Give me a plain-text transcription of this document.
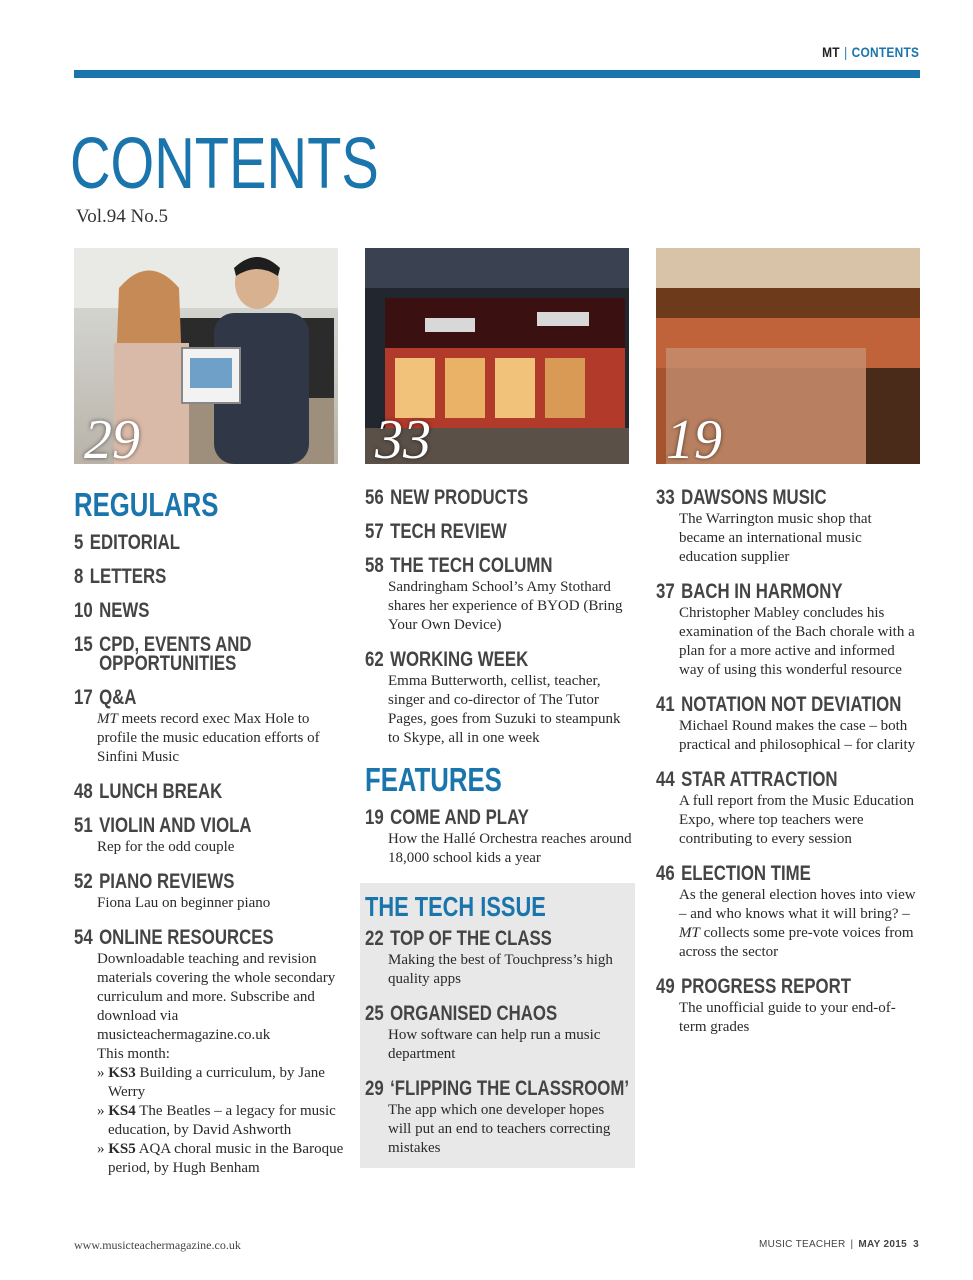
MT | CONTENTS
CONTENTS
Vol.94 No.5
29	33	19
REGULARS
5 EDITORIAL
8 LETTERS
10 NEWS
15 CPD, EVENTS AND OPPORTUNITIES
17 Q&A
MT meets record exec Max Hole to profile the music education efforts of Sinfini Music
48 LUNCH BREAK
51 VIOLIN AND VIOLA
Rep for the odd couple
52 PIANO REVIEWS
Fiona Lau on beginner piano
54 ONLINE RESOURCES
Downloadable teaching and revision materials covering the whole secondary curriculum and more. Subscribe and download via musicteachermagazine.co.uk
This month:
» KS3 Building a curriculum, by Jane Werry
» KS4 The Beatles – a legacy for music education, by David Ashworth
» KS5 AQA choral music in the Baroque period, by Hugh Benham
56 NEW PRODUCTS
57 TECH REVIEW
58 THE TECH COLUMN
Sandringham School’s Amy Stothard shares her experience of BYOD (Bring Your Own Device)
62 WORKING WEEK
Emma Butterworth, cellist, teacher, singer and co-director of The Tutor Pages, goes from Suzuki to steampunk to Skype, all in one week
FEATURES
19 COME AND PLAY
How the Hallé Orchestra reaches around 18,000 school kids a year
THE TECH ISSUE
22 TOP OF THE CLASS
Making the best of Touchpress’s high quality apps
25 ORGANISED CHAOS
How software can help run a music department
29 ‘FLIPPING THE CLASSROOM’
The app which one developer hopes will put an end to teachers correcting mistakes
33 DAWSONS MUSIC
The Warrington music shop that became an international music education supplier
37 BACH IN HARMONY
Christopher Mabley concludes his examination of the Bach chorale with a plan for a more active and informed way of using this wonderful resource
41 NOTATION NOT DEVIATION
Michael Round makes the case – both practical and philosophical – for clarity
44 STAR ATTRACTION
A full report from the Music Education Expo, where top teachers were contributing to every session
46 ELECTION TIME
As the general election hoves into view – and who knows what it will bring? – MT collects some pre-vote voices from across the sector
49 PROGRESS REPORT
The unofficial guide to your end-of-term grades
www.musicteachermagazine.co.uk	MUSIC TEACHER | MAY 2015 3
